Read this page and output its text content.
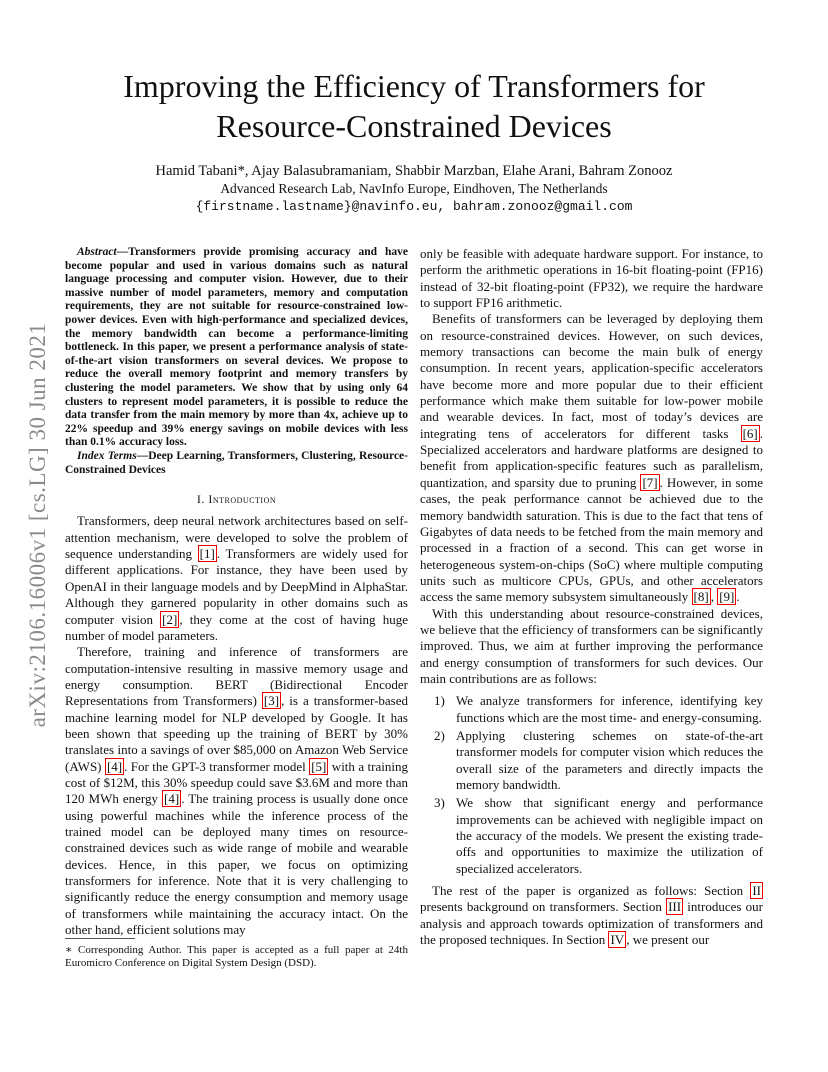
arXiv:2106.16006v1 [cs.LG] 30 Jun 2021
Improving the Efficiency of Transformers for
Resource-Constrained Devices
Hamid Tabani*, Ajay Balasubramaniam, Shabbir Marzban, Elahe Arani, Bahram Zonooz
Advanced Research Lab, NavInfo Europe, Eindhoven, The Netherlands
{firstname.lastname}@navinfo.eu, bahram.zonooz@gmail.com

Abstract—Transformers provide promising accuracy and have become popular and used in various domains such as natural language processing and computer vision. However, due to their massive number of model parameters, memory and computation requirements, they are not suitable for resource-constrained low-power devices. Even with high-performance and specialized devices, the memory bandwidth can become a performance-limiting bottleneck. In this paper, we present a performance analysis of state-of-the-art vision transformers on several devices. We propose to reduce the overall memory footprint and memory transfers by clustering the model parameters. We show that by using only 64 clusters to represent model parameters, it is possible to reduce the data transfer from the main memory by more than 4x, achieve up to 22% speedup and 39% energy savings on mobile devices with less than 0.1% accuracy loss.

Index Terms—Deep Learning, Transformers, Clustering, Resource-Constrained Devices

I. Introduction

Transformers, deep neural network architectures based on self-attention mechanism, were developed to solve the problem of sequence understanding [1] . Transformers are widely used for different applications. For instance, they have been used by OpenAI in their language models and by DeepMind in AlphaStar. Although they garnered popularity in other domains such as computer vision [2] , they come at the cost of having huge number of model parameters.

Therefore, training and inference of transformers are computation-intensive resulting in massive memory usage and energy consumption. BERT (Bidirectional Encoder Representations from Transformers) [3] , is a transformer-based machine learning model for NLP developed by Google. It has been shown that speeding up the training of BERT by 30% translates into a savings of over $85,000 on Amazon Web Service (AWS) [4] . For the GPT-3 transformer model [5] with a training cost of $12M, this 30% speedup could save $3.6M and more than 120 MWh energy [4] . The training process is usually done once using powerful machines while the inference process of the trained model can be deployed many times on resource-constrained devices such as wide range of mobile and wearable devices. Hence, in this paper, we focus on optimizing transformers for inference. Note that it is very challenging to significantly reduce the energy consumption and memory usage of transformers while maintaining the accuracy intact. On the other hand, efficient solutions may

∗ Corresponding Author. This paper is accepted as a full paper at 24th Euromicro Conference on Digital System Design (DSD).

only be feasible with adequate hardware support. For instance, to perform the arithmetic operations in 16-bit floating-point (FP16) instead of 32-bit floating-point (FP32), we require the hardware to support FP16 arithmetic.

Benefits of transformers can be leveraged by deploying them on resource-constrained devices. However, on such devices, memory transactions can become the main bulk of energy consumption. In recent years, application-specific accelerators have become more and more popular due to their efficient performance which make them suitable for low-power mobile and wearable devices. In fact, most of today’s devices are integrating tens of accelerators for different tasks [6] . Specialized accelerators and hardware platforms are designed to benefit from application-specific features such as parallelism, quantization, and sparsity due to pruning [7] . However, in some cases, the peak performance cannot be achieved due to the memory bandwidth saturation. This is due to the fact that tens of Gigabytes of data needs to be fetched from the main memory and processed in a fraction of a second. This can get worse in heterogeneous system-on-chips (SoC) where multiple computing units such as multicore CPUs, GPUs, and other accelerators access the same memory subsystem simultaneously [8] , [9] .

With this understanding about resource-constrained devices, we believe that the efficiency of transformers can be significantly improved. Thus, we aim at further improving the performance and energy consumption of transformers for such devices. Our main contributions are as follows:

1) We analyze transformers for inference, identifying key functions which are the most time- and energy-consuming.
2) Applying clustering schemes on state-of-the-art transformer models for computer vision which reduces the overall size of the parameters and directly impacts the memory bandwidth.
3) We show that significant energy and performance improvements can be achieved with negligible impact on the accuracy of the models. We present the existing trade-offs and opportunities to maximize the utilization of specialized accelerators.

The rest of the paper is organized as follows: Section II presents background on transformers. Section III introduces our analysis and approach towards optimization of transformers and the proposed techniques. In Section IV , we present our
